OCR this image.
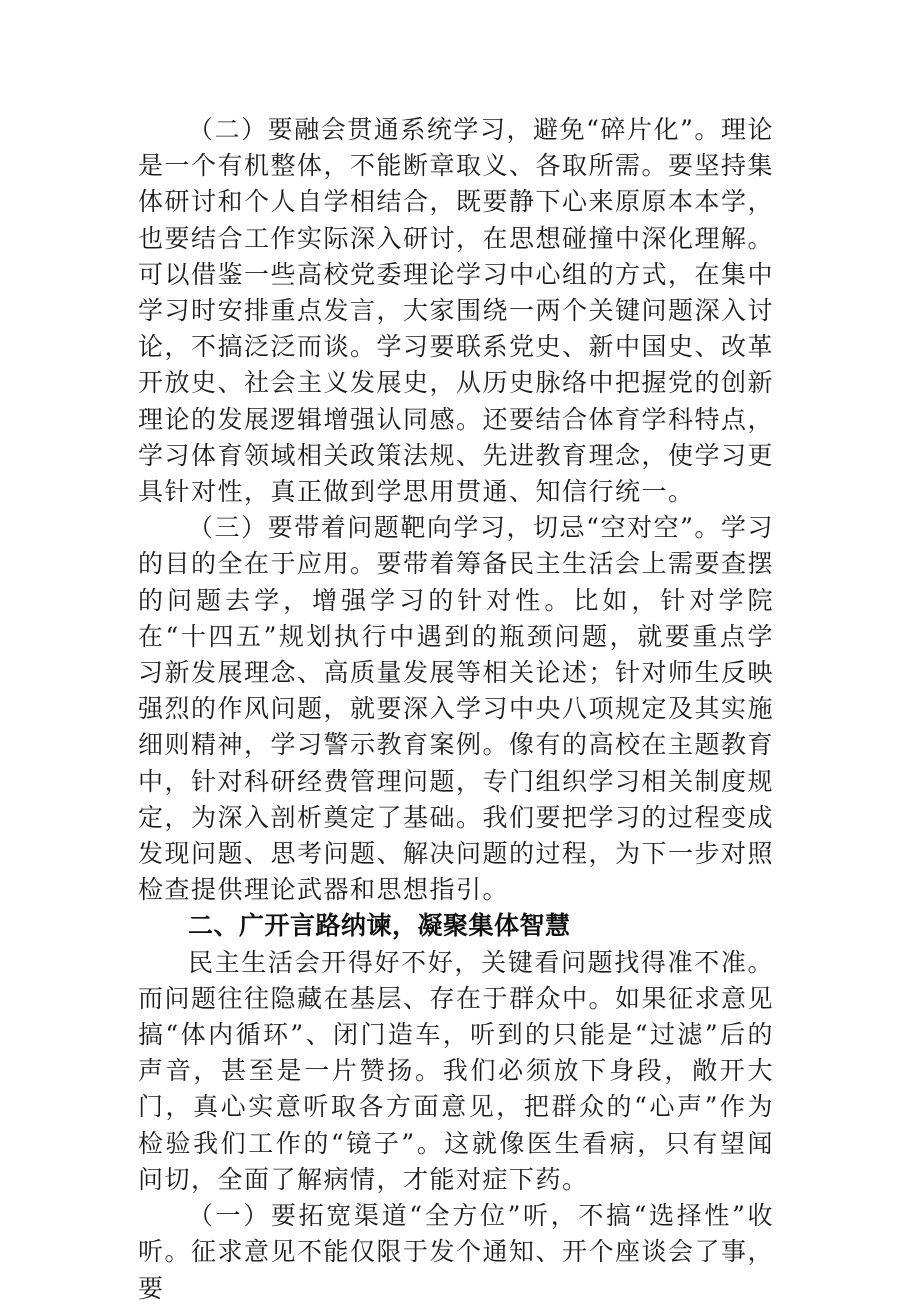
（二）要融会贯通系统学习，避免“碎片化”。理论是一个有机整体，不能断章取义、各取所需。要坚持集体研讨和个人自学相结合，既要静下心来原原本本学，也要结合工作实际深入研讨，在思想碰撞中深化理解。可以借鉴一些高校党委理论学习中心组的方式，在集中学习时安排重点发言，大家围绕一两个关键问题深入讨论，不搞泛泛而谈。学习要联系党史、新中国史、改革开放史、社会主义发展史，从历史脉络中把握党的创新理论的发展逻辑增强认同感。还要结合体育学科特点，学习体育领域相关政策法规、先进教育理念，使学习更具针对性，真正做到学思用贯通、知信行统一。

（三）要带着问题靶向学习，切忌“空对空”。学习的目的全在于应用。要带着筹备民主生活会上需要查摆的问题去学，增强学习的针对性。比如，针对学院在“十四五”规划执行中遇到的瓶颈问题，就要重点学习新发展理念、高质量发展等相关论述；针对师生反映强烈的作风问题，就要深入学习中央八项规定及其实施细则精神，学习警示教育案例。像有的高校在主题教育中，针对科研经费管理问题，专门组织学习相关制度规定，为深入剖析奠定了基础。我们要把学习的过程变成发现问题、思考问题、解决问题的过程，为下一步对照检查提供理论武器和思想指引。

二、广开言路纳谏，凝聚集体智慧

民主生活会开得好不好，关键看问题找得准不准。而问题往往隐藏在基层、存在于群众中。如果征求意见搞“体内循环”、闭门造车，听到的只能是“过滤”后的声音，甚至是一片赞扬。我们必须放下身段，敞开大门，真心实意听取各方面意见，把群众的“心声”作为检验我们工作的“镜子”。这就像医生看病，只有望闻问切，全面了解病情，才能对症下药。

（一）要拓宽渠道“全方位”听，不搞“选择性”收听。征求意见不能仅限于发个通知、开个座谈会了事，要
